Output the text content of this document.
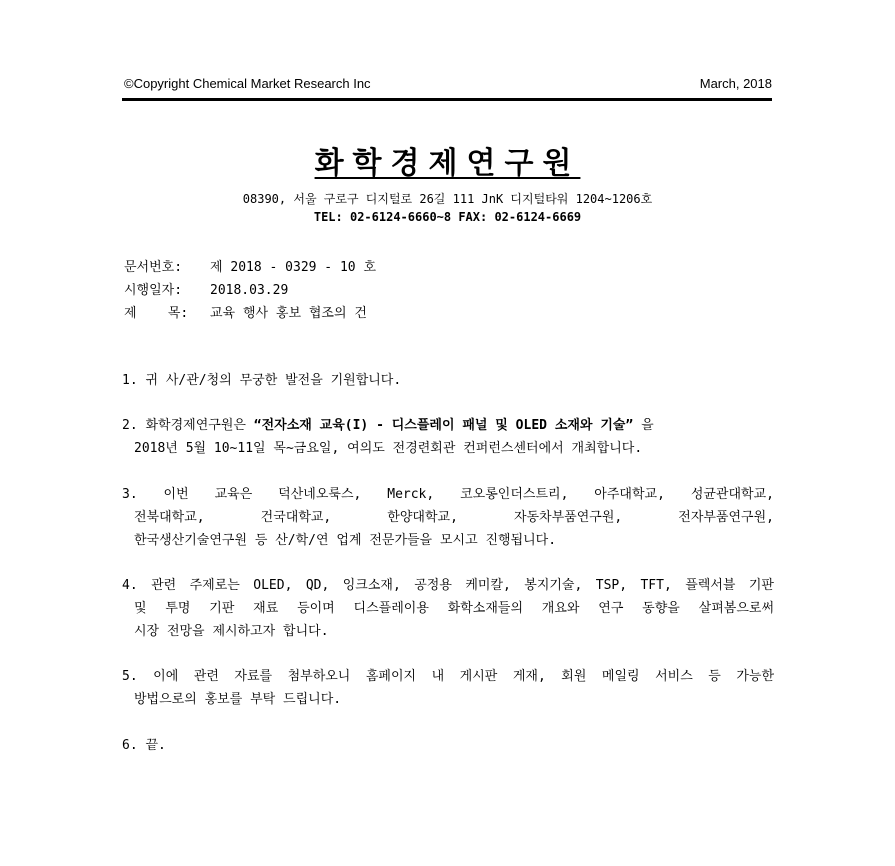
©Copyright Chemical Market Research Inc	March, 2018
화학경제연구원
08390, 서울 구로구 디지털로 26길 111 JnK 디지털타워 1204~1206호
TEL: 02-6124-6660~8 FAX: 02-6124-6669
문서번호: 제 2018 - 0329 - 10 호
시행일자: 2018.03.29
제    목: 교육 행사 홍보 협조의 건
1. 귀 사/관/청의 무궁한 발전을 기원합니다.
2. 화학경제연구원은 “전자소재 교육(I) - 디스플레이 패널 및 OLED 소재와 기술” 을
2018년 5월 10~11일 목~금요일, 여의도 전경련회관 컨퍼런스센터에서 개최합니다.
3. 이번 교육은 덕산네오룩스, Merck, 코오롱인더스트리, 아주대학교, 성균관대학교,
전북대학교, 건국대학교, 한양대학교, 자동차부품연구원, 전자부품연구원,
한국생산기술연구원 등 산/학/연 업계 전문가들을 모시고 진행됩니다.
4. 관련 주제로는 OLED, QD, 잉크소재, 공정용 케미칼, 봉지기술, TSP, TFT, 플렉서블 기판
및 투명 기판 재료 등이며 디스플레이용 화학소재들의 개요와 연구 동향을 살펴봄으로써
시장 전망을 제시하고자 합니다.
5. 이에 관련 자료를 첨부하오니 홈페이지 내 게시판 게재, 회원 메일링 서비스 등 가능한
방법으로의 홍보를 부탁 드립니다.
6. 끝.
